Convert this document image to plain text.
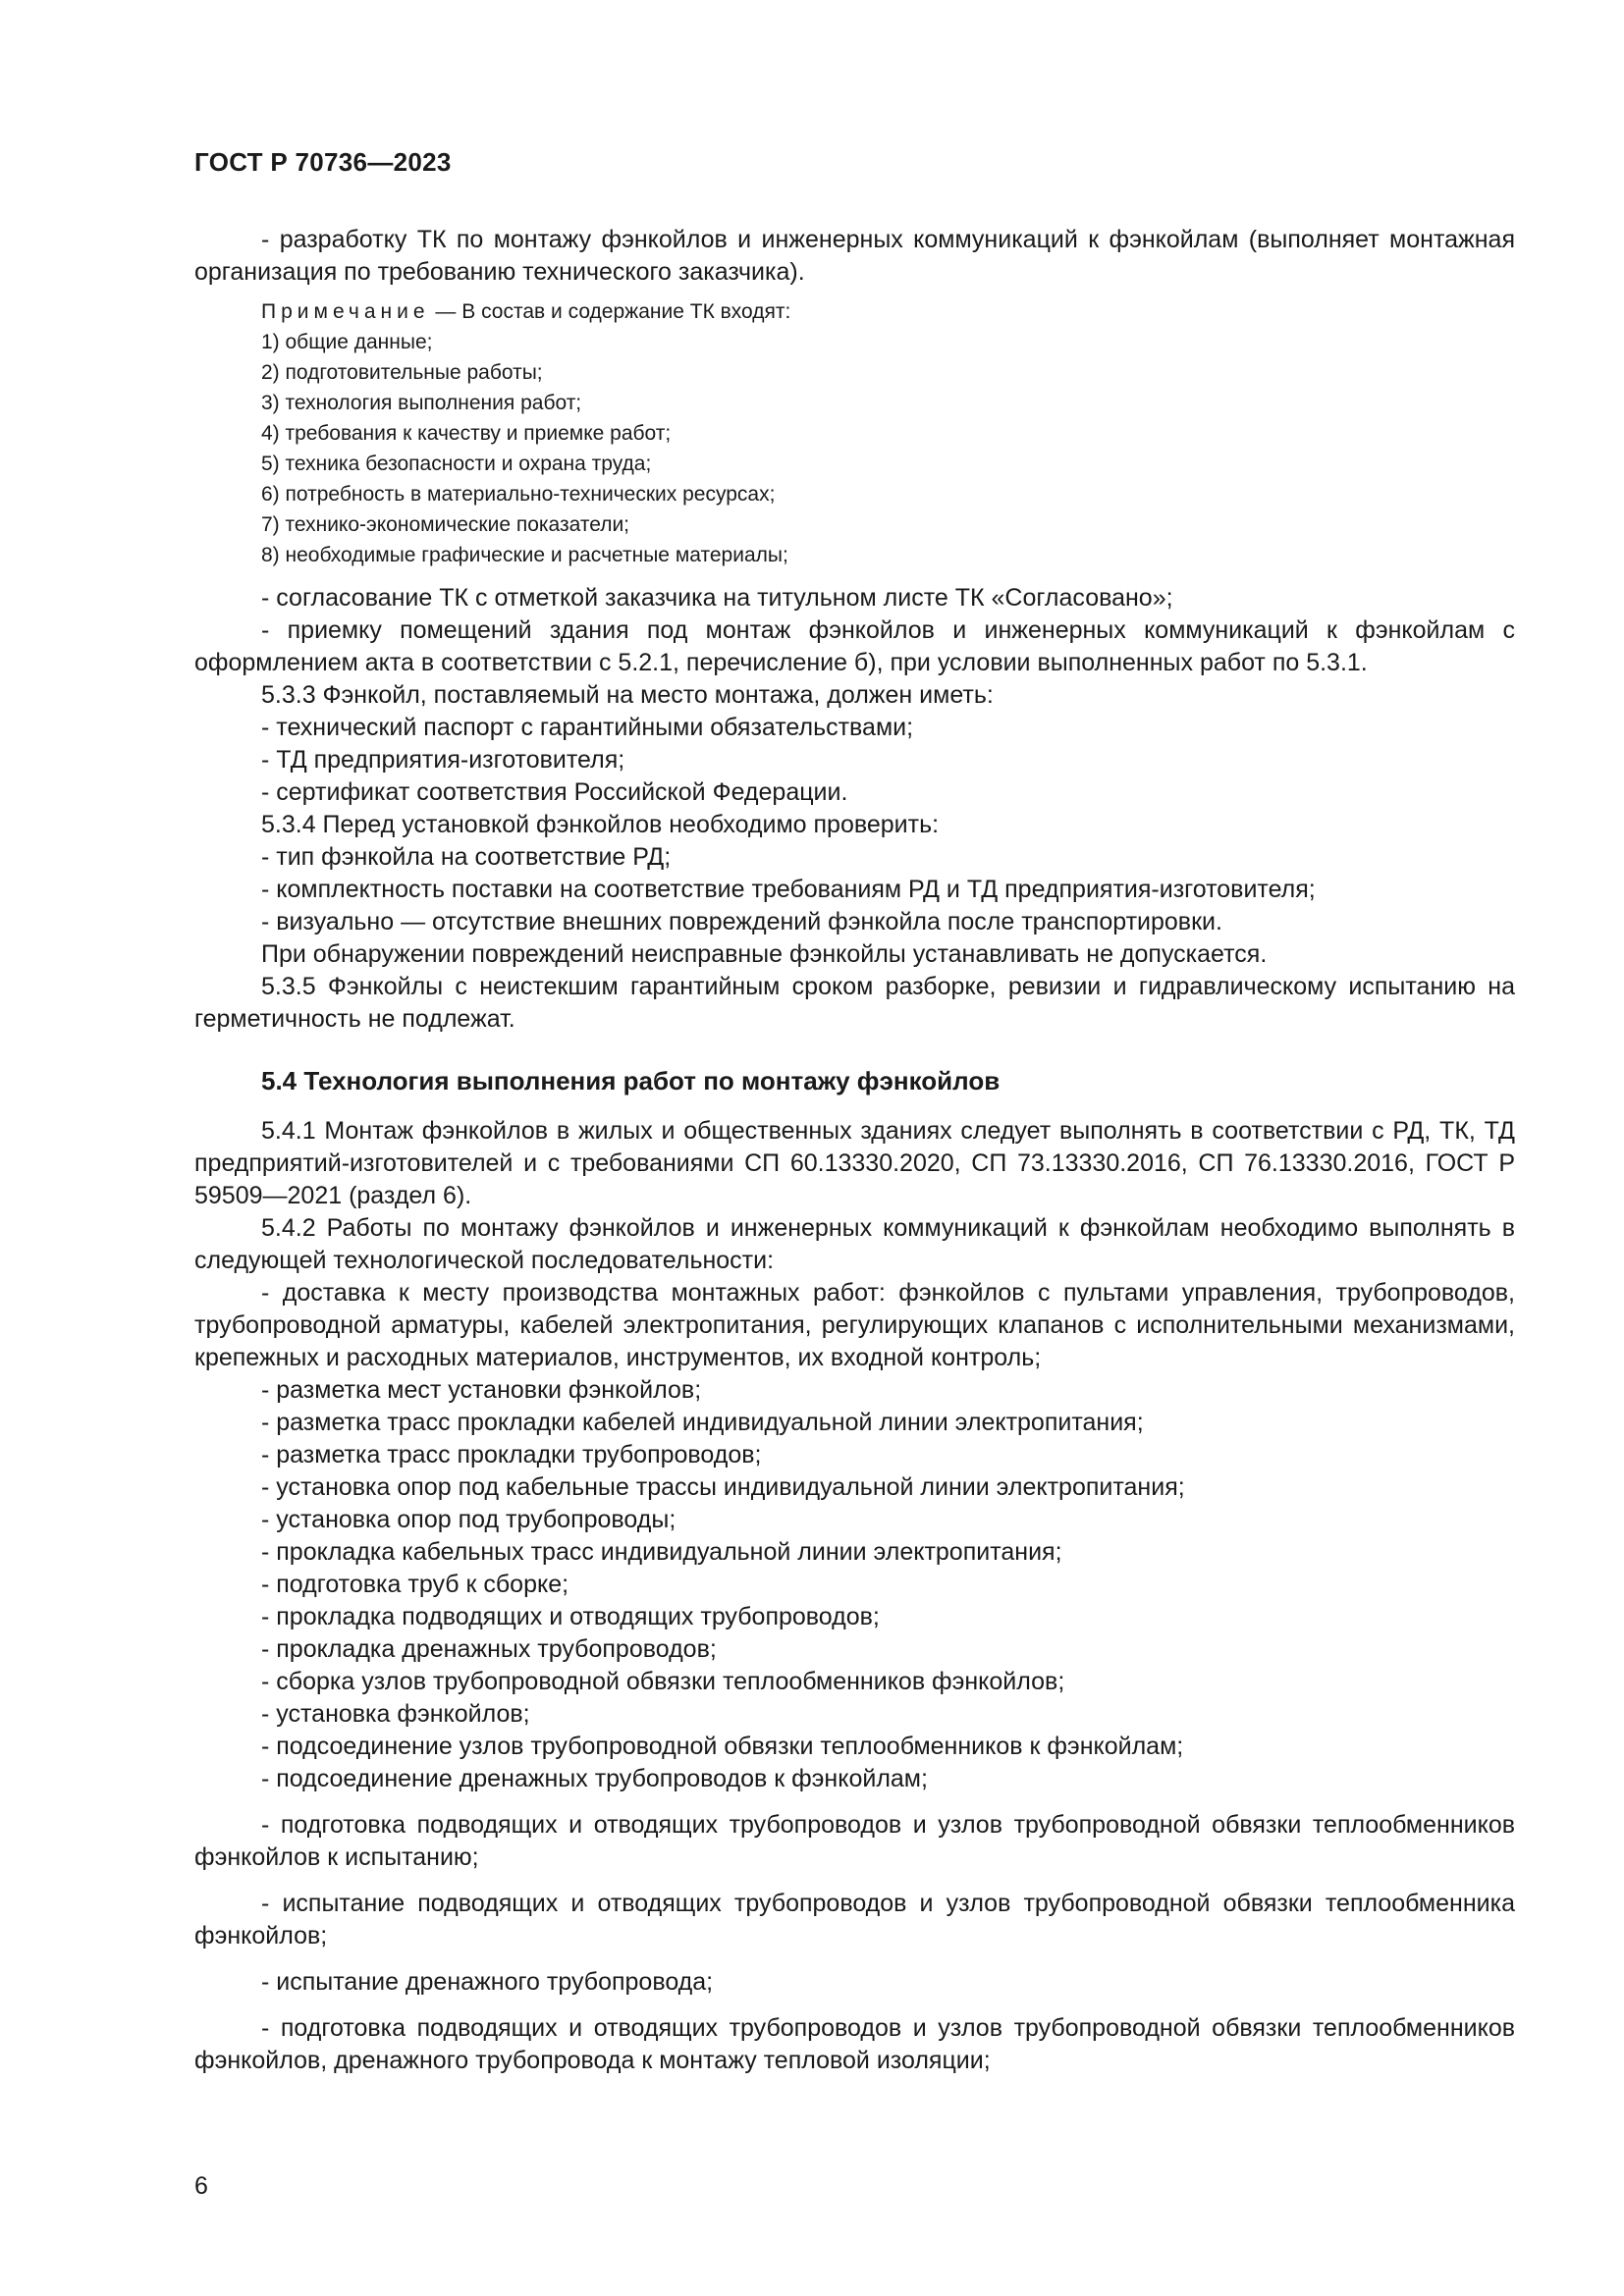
ГОСТ Р 70736—2023

- разработку ТК по монтажу фэнкойлов и инженерных коммуникаций к фэнкойлам (выполняет монтажная организация по требованию технического заказчика).

Примечание — В состав и содержание ТК входят:
1) общие данные;
2) подготовительные работы;
3) технология выполнения работ;
4) требования к качеству и приемке работ;
5) техника безопасности и охрана труда;
6) потребность в материально-технических ресурсах;
7) технико-экономические показатели;
8) необходимые графические и расчетные материалы;

- согласование ТК с отметкой заказчика на титульном листе ТК «Согласовано»;

- приемку помещений здания под монтаж фэнкойлов и инженерных коммуникаций к фэнкойлам с оформлением акта в соответствии с 5.2.1, перечисление б), при условии выполненных работ по 5.3.1.

5.3.3 Фэнкойл, поставляемый на место монтажа, должен иметь:

- технический паспорт с гарантийными обязательствами;

- ТД предприятия-изготовителя;

- сертификат соответствия Российской Федерации.

5.3.4 Перед установкой фэнкойлов необходимо проверить:

- тип фэнкойла на соответствие РД;

- комплектность поставки на соответствие требованиям РД и ТД предприятия-изготовителя;

- визуально — отсутствие внешних повреждений фэнкойла после транспортировки.

При обнаружении повреждений неисправные фэнкойлы устанавливать не допускается.

5.3.5 Фэнкойлы с неистекшим гарантийным сроком разборке, ревизии и гидравлическому испытанию на герметичность не подлежат.

5.4 Технология выполнения работ по монтажу фэнкойлов

5.4.1 Монтаж фэнкойлов в жилых и общественных зданиях следует выполнять в соответствии с РД, ТК, ТД предприятий-изготовителей и с требованиями СП 60.13330.2020, СП 73.13330.2016, СП 76.13330.2016, ГОСТ Р 59509—2021 (раздел 6).

5.4.2 Работы по монтажу фэнкойлов и инженерных коммуникаций к фэнкойлам необходимо выполнять в следующей технологической последовательности:

- доставка к месту производства монтажных работ: фэнкойлов с пультами управления, трубопроводов, трубопроводной арматуры, кабелей электропитания, регулирующих клапанов с исполнительными механизмами, крепежных и расходных материалов, инструментов, их входной контроль;

- разметка мест установки фэнкойлов;

- разметка трасс прокладки кабелей индивидуальной линии электропитания;

- разметка трасс прокладки трубопроводов;

- установка опор под кабельные трассы индивидуальной линии электропитания;

- установка опор под трубопроводы;

- прокладка кабельных трасс индивидуальной линии электропитания;

- подготовка труб к сборке;

- прокладка подводящих и отводящих трубопроводов;

- прокладка дренажных трубопроводов;

- сборка узлов трубопроводной обвязки теплообменников фэнкойлов;

- установка фэнкойлов;

- подсоединение узлов трубопроводной обвязки теплообменников к фэнкойлам;

- подсоединение дренажных трубопроводов к фэнкойлам;

- подготовка подводящих и отводящих трубопроводов и узлов трубопроводной обвязки теплообменников фэнкойлов к испытанию;

- испытание подводящих и отводящих трубопроводов и узлов трубопроводной обвязки теплообменника фэнкойлов;

- испытание дренажного трубопровода;

- подготовка подводящих и отводящих трубопроводов и узлов трубопроводной обвязки теплообменников фэнкойлов, дренажного трубопровода к монтажу тепловой изоляции;

6
